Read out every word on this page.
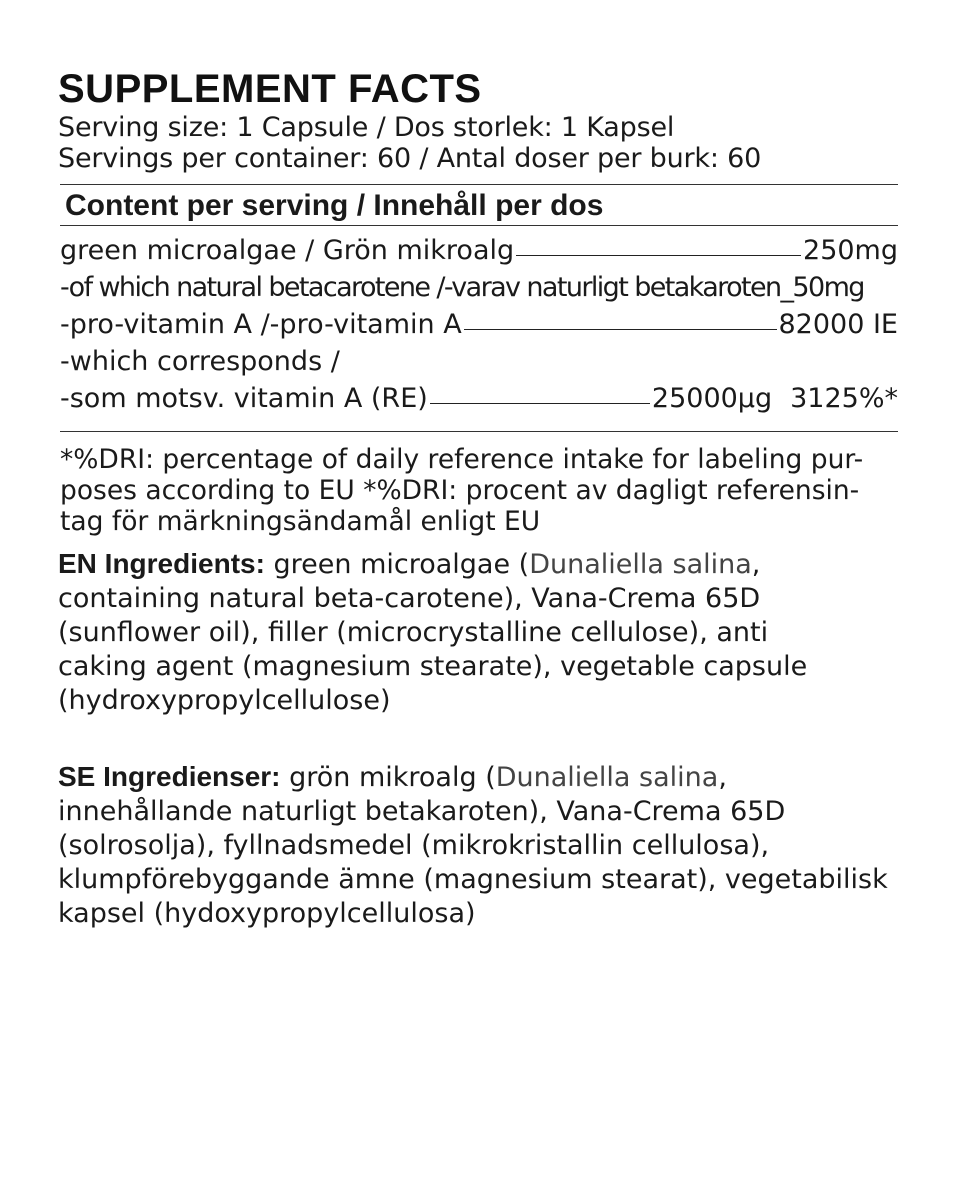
SUPPLEMENT FACTS
Serving size: 1 Capsule / Dos storlek: 1 Kapsel
Servings per container: 60 / Antal doser per burk: 60
Content per serving / Innehåll per dos
green microalgae / Grön mikroalg	250mg
-of which natural betacarotene /-varav naturligt betakaroten_50mg
-pro-vitamin A /-pro-vitamin A	82000 IE
-which corresponds /
-som motsv. vitamin A (RE)	25000µg 3125%*
*%DRI: percentage of daily reference intake for labeling pur-
poses according to EU *%DRI: procent av dagligt referensin-
tag för märkningsändamål enligt EU
EN Ingredients: green microalgae (Dunaliella salina, containing natural beta-carotene), Vana-Crema 65D (sunflower oil), filler (microcrystalline cellulose), anti caking agent (magnesium stearate), vegetable capsule (hydroxypropylcellulose)
SE Ingredienser: grön mikroalg (Dunaliella salina, innehållande naturligt betakaroten), Vana-Crema 65D (solrosolja), fyllnadsmedel (mikrokristallin cellulosa), klumpförebyggande ämne (magnesium stearat), vegetabilisk kapsel (hydoxypropylcellulosa)
